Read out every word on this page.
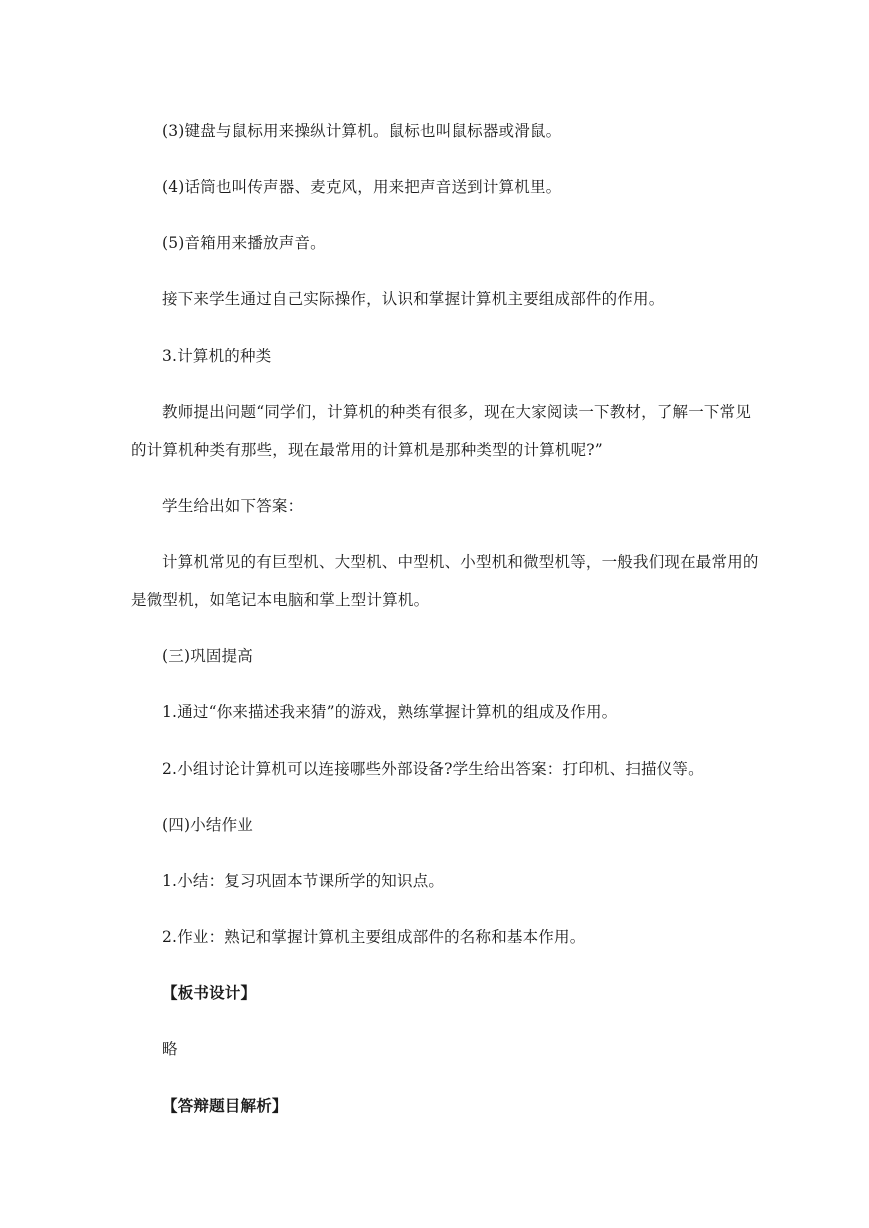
(3)键盘与鼠标用来操纵计算机。鼠标也叫鼠标器或滑鼠。

(4)话筒也叫传声器、麦克风，用来把声音送到计算机里。

(5)音箱用来播放声音。

接下来学生通过自己实际操作，认识和掌握计算机主要组成部件的作用。

3.计算机的种类

教师提出问题“同学们，计算机的种类有很多，现在大家阅读一下教材，了解一下常见
的计算机种类有那些，现在最常用的计算机是那种类型的计算机呢?”

学生给出如下答案：

计算机常见的有巨型机、大型机、中型机、小型机和微型机等，一般我们现在最常用的
是微型机，如笔记本电脑和掌上型计算机。

(三)巩固提高

1.通过“你来描述我来猜”的游戏，熟练掌握计算机的组成及作用。

2.小组讨论计算机可以连接哪些外部设备?学生给出答案：打印机、扫描仪等。

(四)小结作业

1.小结：复习巩固本节课所学的知识点。

2.作业：熟记和掌握计算机主要组成部件的名称和基本作用。

【板书设计】

略

【答辩题目解析】
